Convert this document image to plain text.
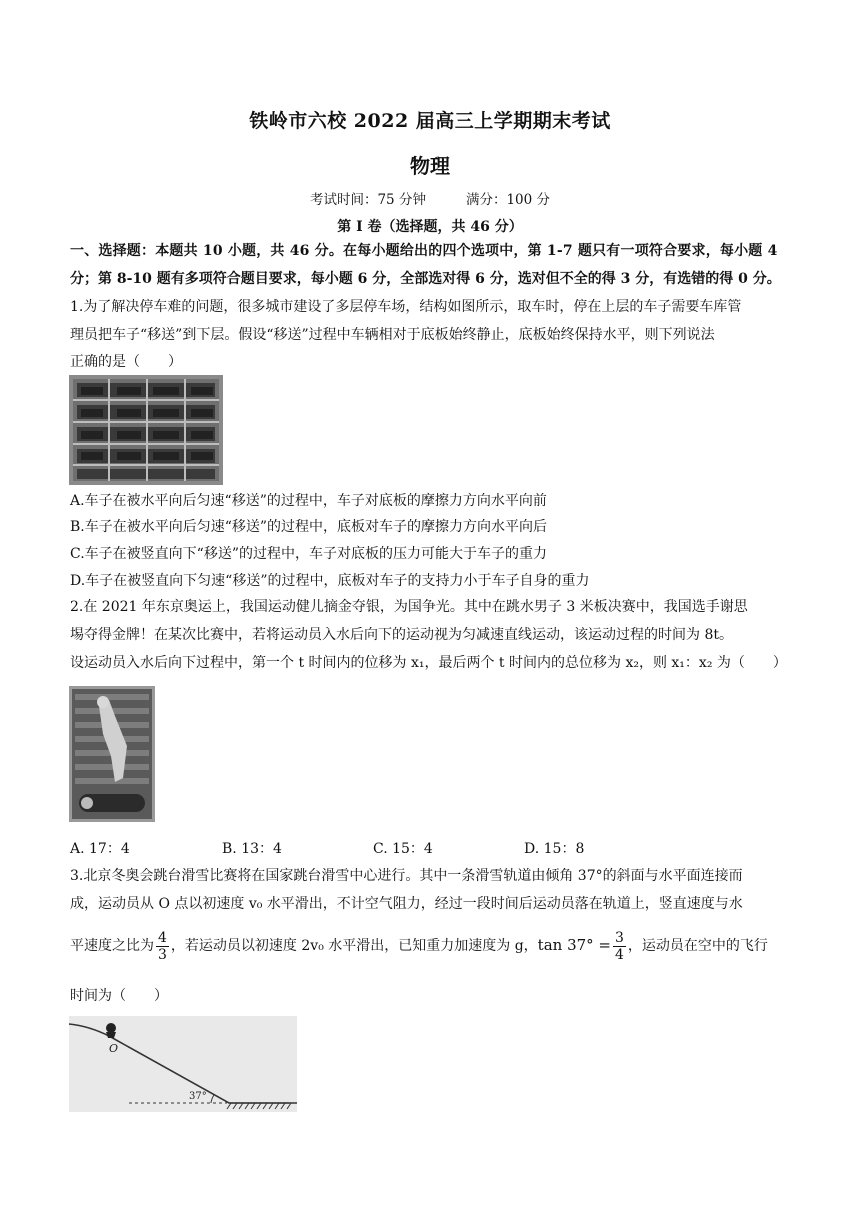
铁岭市六校 2022 届高三上学期期末考试
物理
考试时间：75 分钟	满分：100 分
第 I 卷（选择题，共 46 分）
一、选择题：本题共 10 小题，共 46 分。在每小题给出的四个选项中，第 1-7 题只有一项符合要求，每小题 4
分；第 8-10 题有多项符合题目要求，每小题 6 分，全部选对得 6 分，选对但不全的得 3 分，有选错的得 0 分。
1.为了解决停车难的问题，很多城市建设了多层停车场，结构如图所示，取车时，停在上层的车子需要车库管
理员把车子“移送”到下层。假设“移送”过程中车辆相对于底板始终静止，底板始终保持水平，则下列说法
正确的是（　　）
A.车子在被水平向后匀速“移送”的过程中，车子对底板的摩擦力方向水平向前
B.车子在被水平向后匀速“移送”的过程中，底板对车子的摩擦力方向水平向后
C.车子在被竖直向下“移送”的过程中，车子对底板的压力可能大于车子的重力
D.车子在被竖直向下匀速“移送”的过程中，底板对车子的支持力小于车子自身的重力
2.在 2021 年东京奥运上，我国运动健儿摘金夺银，为国争光。其中在跳水男子 3 米板决赛中，我国选手谢思
埸夺得金牌！在某次比赛中，若将运动员入水后向下的运动视为匀减速直线运动，该运动过程的时间为 8t。
设运动员入水后向下过程中，第一个 t 时间内的位移为 x₁，最后两个 t 时间内的总位移为 x₂，则 x₁：x₂ 为（　　）
A. 17：4	B. 13：4	C. 15：4	D. 15：8
3.北京冬奥会跳台滑雪比赛将在国家跳台滑雪中心进行。其中一条滑雪轨道由倾角 37°的斜面与水平面连接而
成，运动员从 O 点以初速度 v₀ 水平滑出，不计空气阻力，经过一段时间后运动员落在轨道上，竖直速度与水
平速度之比为 $\frac{4}{3}$ ，若运动员以初速度 2v₀ 水平滑出，已知重力加速度为 g，$\tan 37^\circ = \frac{3}{4}$ ，运动员在空中的飞行
时间为（　　）
O
37°
